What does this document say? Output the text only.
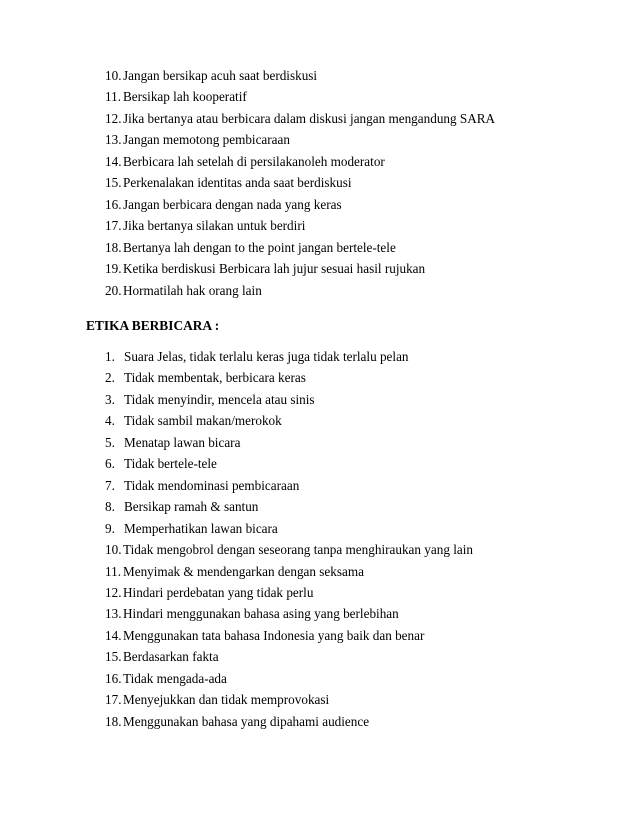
10. Jangan bersikap acuh saat berdiskusi
11. Bersikap lah kooperatif
12. Jika bertanya atau berbicara dalam diskusi jangan mengandung SARA
13. Jangan memotong pembicaraan
14. Berbicara lah setelah di persilakanoleh moderator
15. Perkenalakan identitas anda saat berdiskusi
16. Jangan berbicara dengan nada yang keras
17. Jika bertanya silakan untuk berdiri
18. Bertanya lah dengan to the point jangan bertele-tele
19. Ketika berdiskusi Berbicara lah jujur sesuai hasil rujukan
20. Hormatilah hak orang lain
ETIKA BERBICARA :
1. Suara Jelas, tidak terlalu keras juga tidak terlalu pelan
2. Tidak membentak, berbicara keras
3. Tidak menyindir, mencela atau sinis
4. Tidak sambil makan/merokok
5. Menatap lawan bicara
6. Tidak bertele-tele
7. Tidak mendominasi pembicaraan
8. Bersikap ramah & santun
9. Memperhatikan lawan bicara
10. Tidak mengobrol dengan seseorang tanpa menghiraukan yang lain
11. Menyimak & mendengarkan dengan seksama
12. Hindari perdebatan yang tidak perlu
13. Hindari menggunakan bahasa asing yang berlebihan
14. Menggunakan tata bahasa Indonesia yang baik dan benar
15. Berdasarkan fakta
16. Tidak mengada-ada
17. Menyejukkan dan tidak memprovokasi
18. Menggunakan bahasa yang dipahami audience
